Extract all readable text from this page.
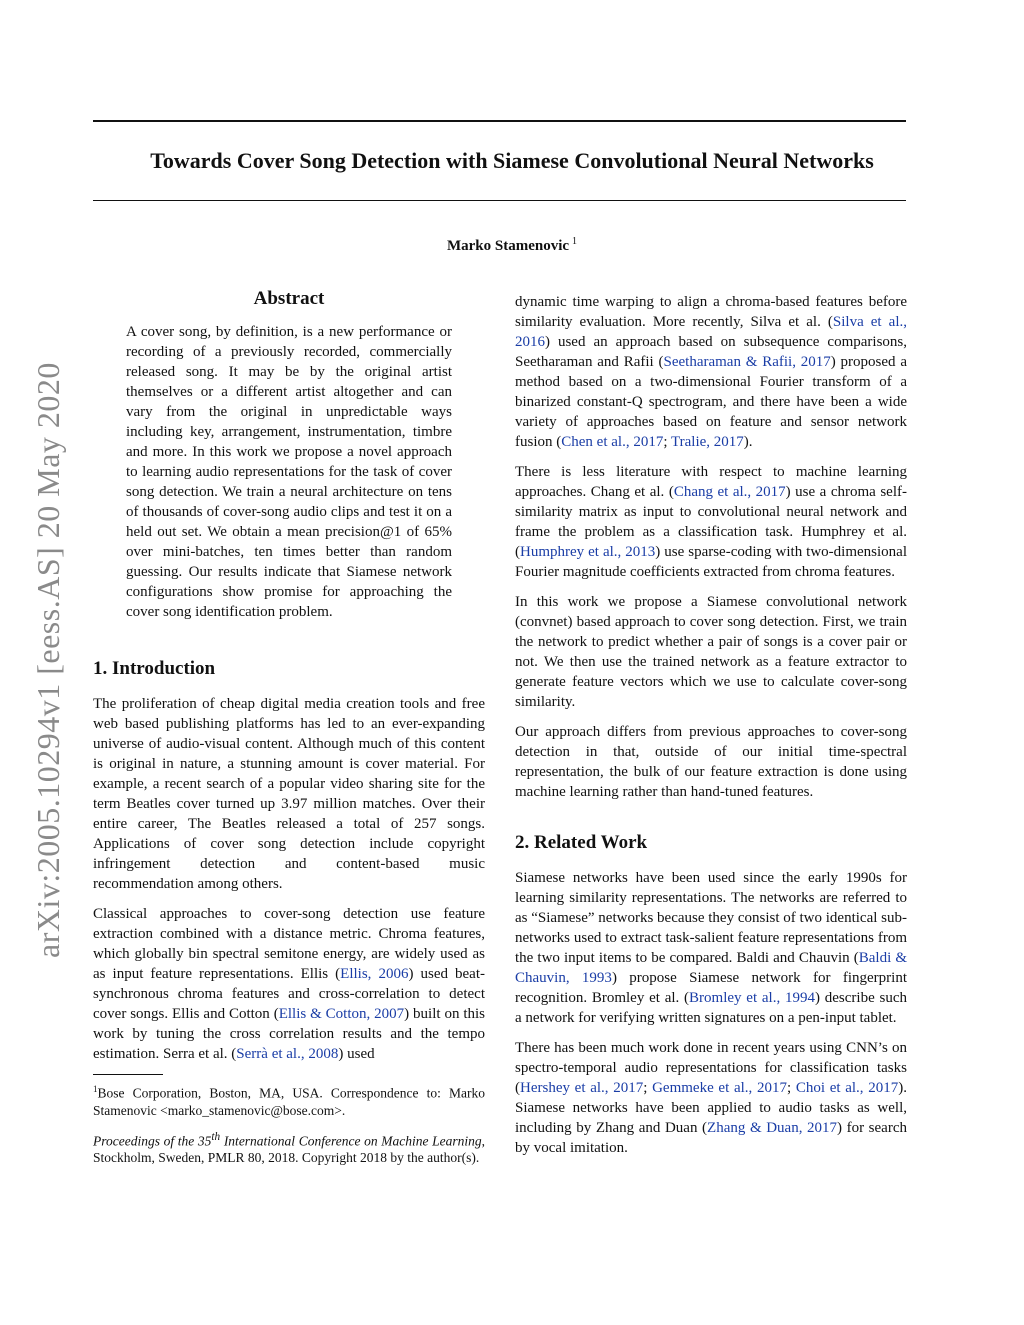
arXiv:2005.10294v1 [eess.AS] 20 May 2020
Towards Cover Song Detection with Siamese Convolutional Neural Networks
Marko Stamenovic $^1$
Abstract
A cover song, by definition, is a new performance or recording of a previously recorded, commercially released song. It may be by the original artist themselves or a different artist altogether and can vary from the original in unpredictable ways including key, arrangement, instrumentation, timbre and more. In this work we propose a novel approach to learning audio representations for the task of cover song detection. We train a neural architecture on tens of thousands of cover-song audio clips and test it on a held out set. We obtain a mean precision@1 of 65% over mini-batches, ten times better than random guessing. Our results indicate that Siamese network configurations show promise for approaching the cover song identification problem.
1. Introduction

The proliferation of cheap digital media creation tools and free web based publishing platforms has led to an ever-expanding universe of audio-visual content. Although much of this content is original in nature, a stunning amount is cover material. For example, a recent search of a popular video sharing site for the term Beatles cover turned up 3.97 million matches. Over their entire career, The Beatles released a total of 257 songs. Applications of cover song detection include copyright infringement detection and content-based music recommendation among others.

Classical approaches to cover-song detection use feature extraction combined with a distance metric. Chroma features, which globally bin spectral semitone energy, are widely used as as input feature representations. Ellis (Ellis, 2006) used beat-synchronous chroma features and cross-correlation to detect cover songs. Ellis and Cotton (Ellis & Cotton, 2007) built on this work by tuning the cross correlation results and the tempo estimation. Serra et al. (Serrà et al., 2008) used

$^1$Bose Corporation, Boston, MA, USA. Correspondence to: Marko Stamenovic <marko_stamenovic@bose.com>.

Proceedings of the 35th International Conference on Machine Learning, Stockholm, Sweden, PMLR 80, 2018. Copyright 2018 by the author(s).

dynamic time warping to align a chroma-based features before similarity evaluation. More recently, Silva et al. (Silva et al., 2016) used an approach based on subsequence comparisons, Seetharaman and Rafii (Seetharaman & Rafii, 2017) proposed a method based on a two-dimensional Fourier transform of a binarized constant-Q spectrogram, and there have been a wide variety of approaches based on feature and sensor network fusion (Chen et al., 2017; Tralie, 2017).

There is less literature with respect to machine learning approaches. Chang et al. (Chang et al., 2017) use a chroma self-similarity matrix as input to convolutional neural network and frame the problem as a classification task. Humphrey et al. (Humphrey et al., 2013) use sparse-coding with two-dimensional Fourier magnitude coefficients extracted from chroma features.

In this work we propose a Siamese convolutional network (convnet) based approach to cover song detection. First, we train the network to predict whether a pair of songs is a cover pair or not. We then use the trained network as a feature extractor to generate feature vectors which we use to calculate cover-song similarity.

Our approach differs from previous approaches to cover-song detection in that, outside of our initial time-spectral representation, the bulk of our feature extraction is done using machine learning rather than hand-tuned features.

2. Related Work

Siamese networks have been used since the early 1990s for learning similarity representations. The networks are referred to as “Siamese” networks because they consist of two identical sub-networks used to extract task-salient feature representations from the two input items to be compared. Baldi and Chauvin (Baldi & Chauvin, 1993) propose Siamese network for fingerprint recognition. Bromley et al. (Bromley et al., 1994) describe such a network for verifying written signatures on a pen-input tablet.

There has been much work done in recent years using CNN’s on spectro-temporal audio representations for classification tasks (Hershey et al., 2017; Gemmeke et al., 2017; Choi et al., 2017). Siamese networks have been applied to audio tasks as well, including by Zhang and Duan (Zhang & Duan, 2017) for search by vocal imitation.
